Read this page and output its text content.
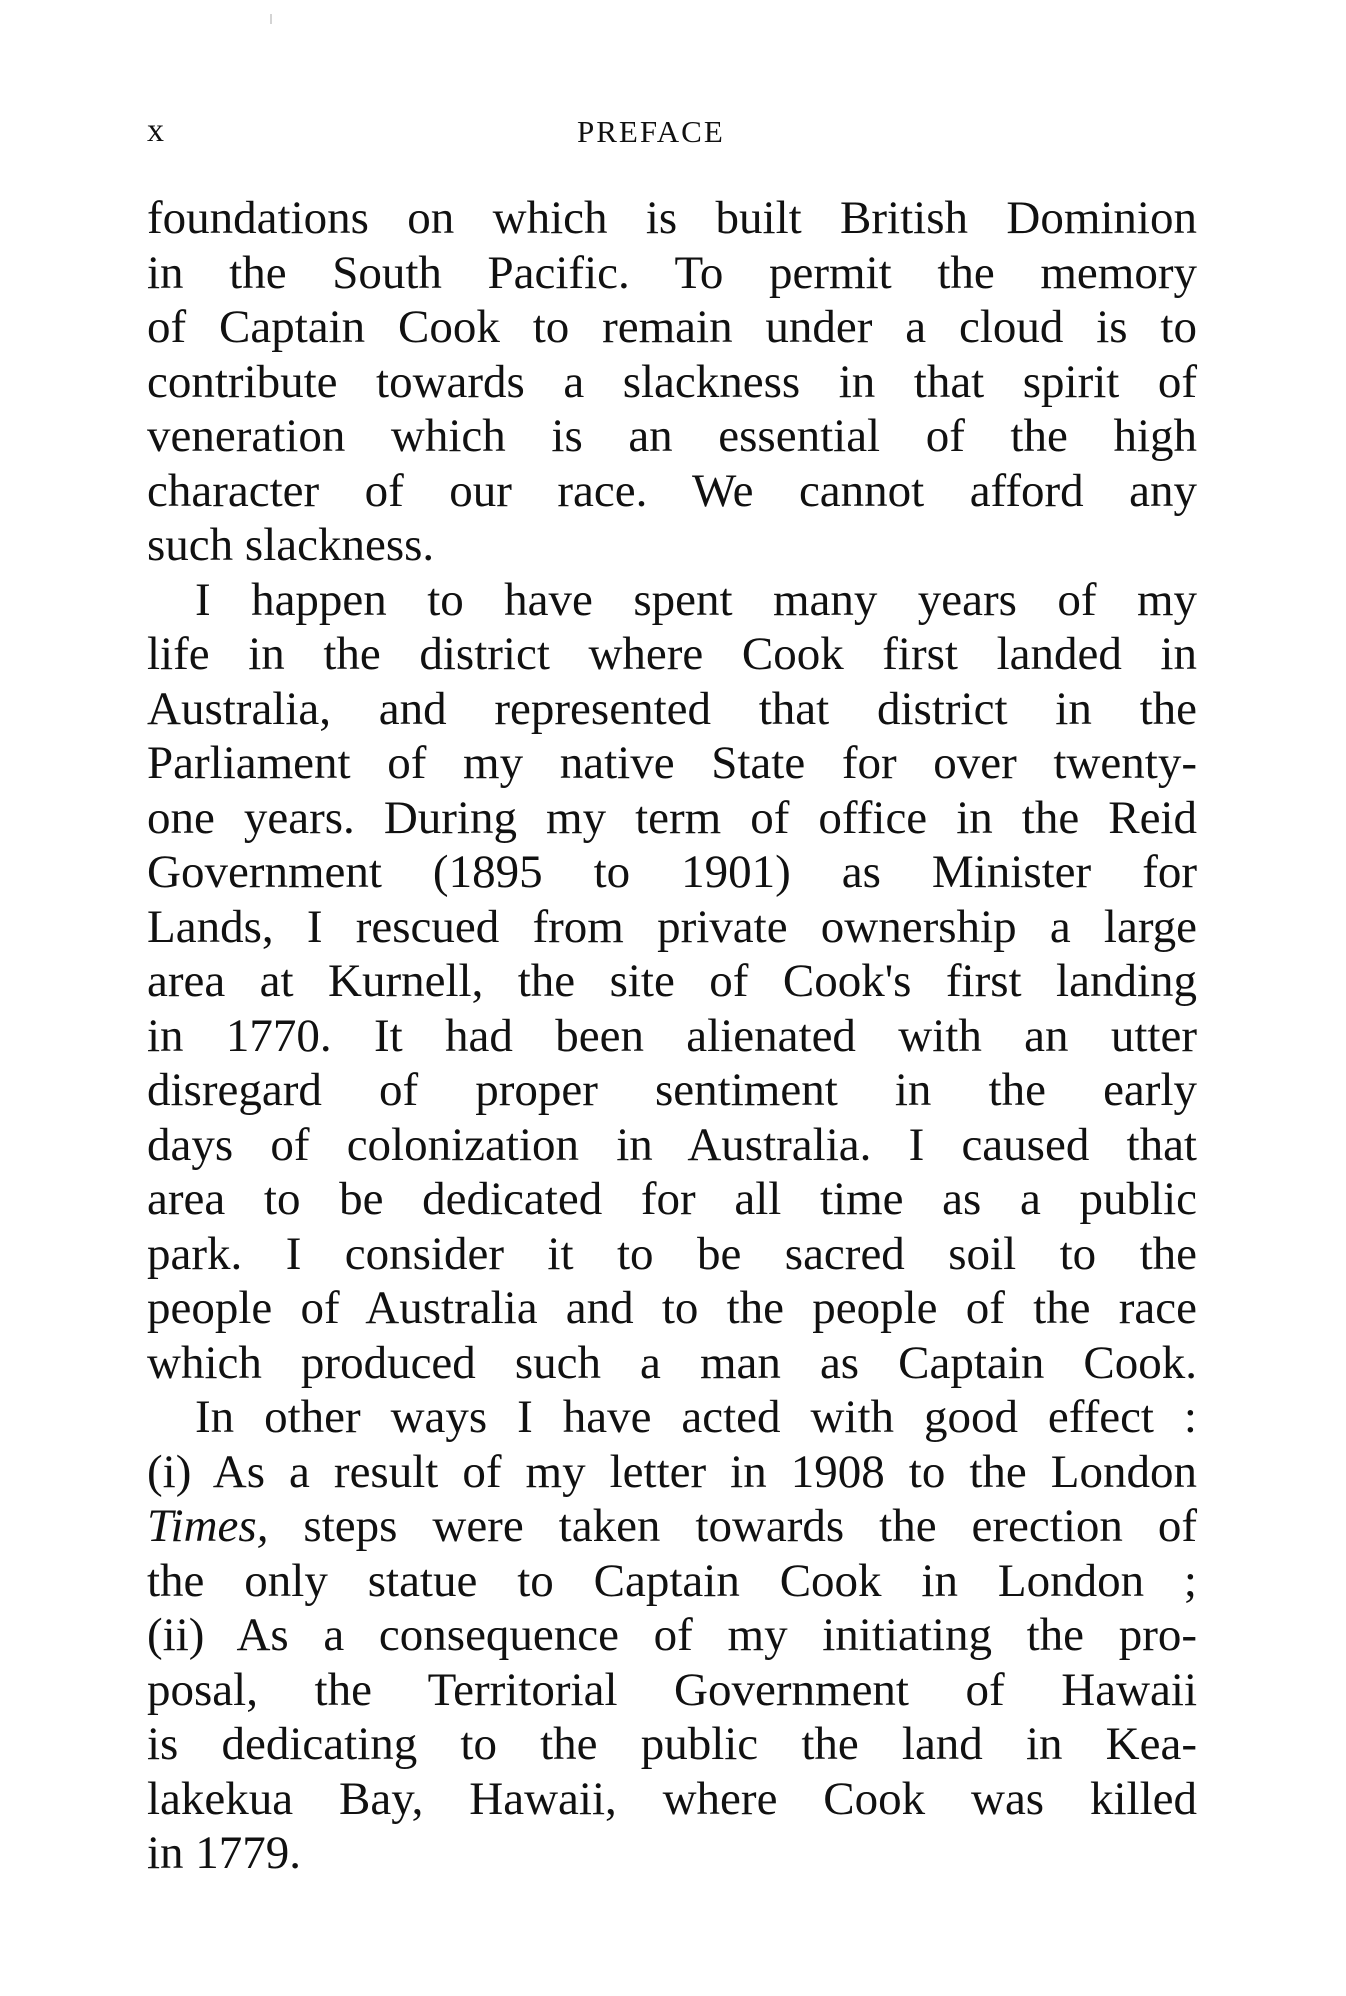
x	PREFACE
foundations on which is built British Dominion
in the South Pacific. To permit the memory
of Captain Cook to remain under a cloud is to
contribute towards a slackness in that spirit of
veneration which is an essential of the high
character of our race. We cannot afford any
such slackness.
I happen to have spent many years of my
life in the district where Cook first landed in
Australia, and represented that district in the
Parliament of my native State for over twenty-
one years. During my term of office in the Reid
Government (1895 to 1901) as Minister for
Lands, I rescued from private ownership a large
area at Kurnell, the site of Cook's first landing
in 1770. It had been alienated with an utter
disregard of proper sentiment in the early
days of colonization in Australia. I caused that
area to be dedicated for all time as a public
park. I consider it to be sacred soil to the
people of Australia and to the people of the race
which produced such a man as Captain Cook.
In other ways I have acted with good effect :
(i) As a result of my letter in 1908 to the London
Times, steps were taken towards the erection of
the only statue to Captain Cook in London ;
(ii) As a consequence of my initiating the pro-
posal, the Territorial Government of Hawaii
is dedicating to the public the land in Kea-
lakekua Bay, Hawaii, where Cook was killed
in 1779.
